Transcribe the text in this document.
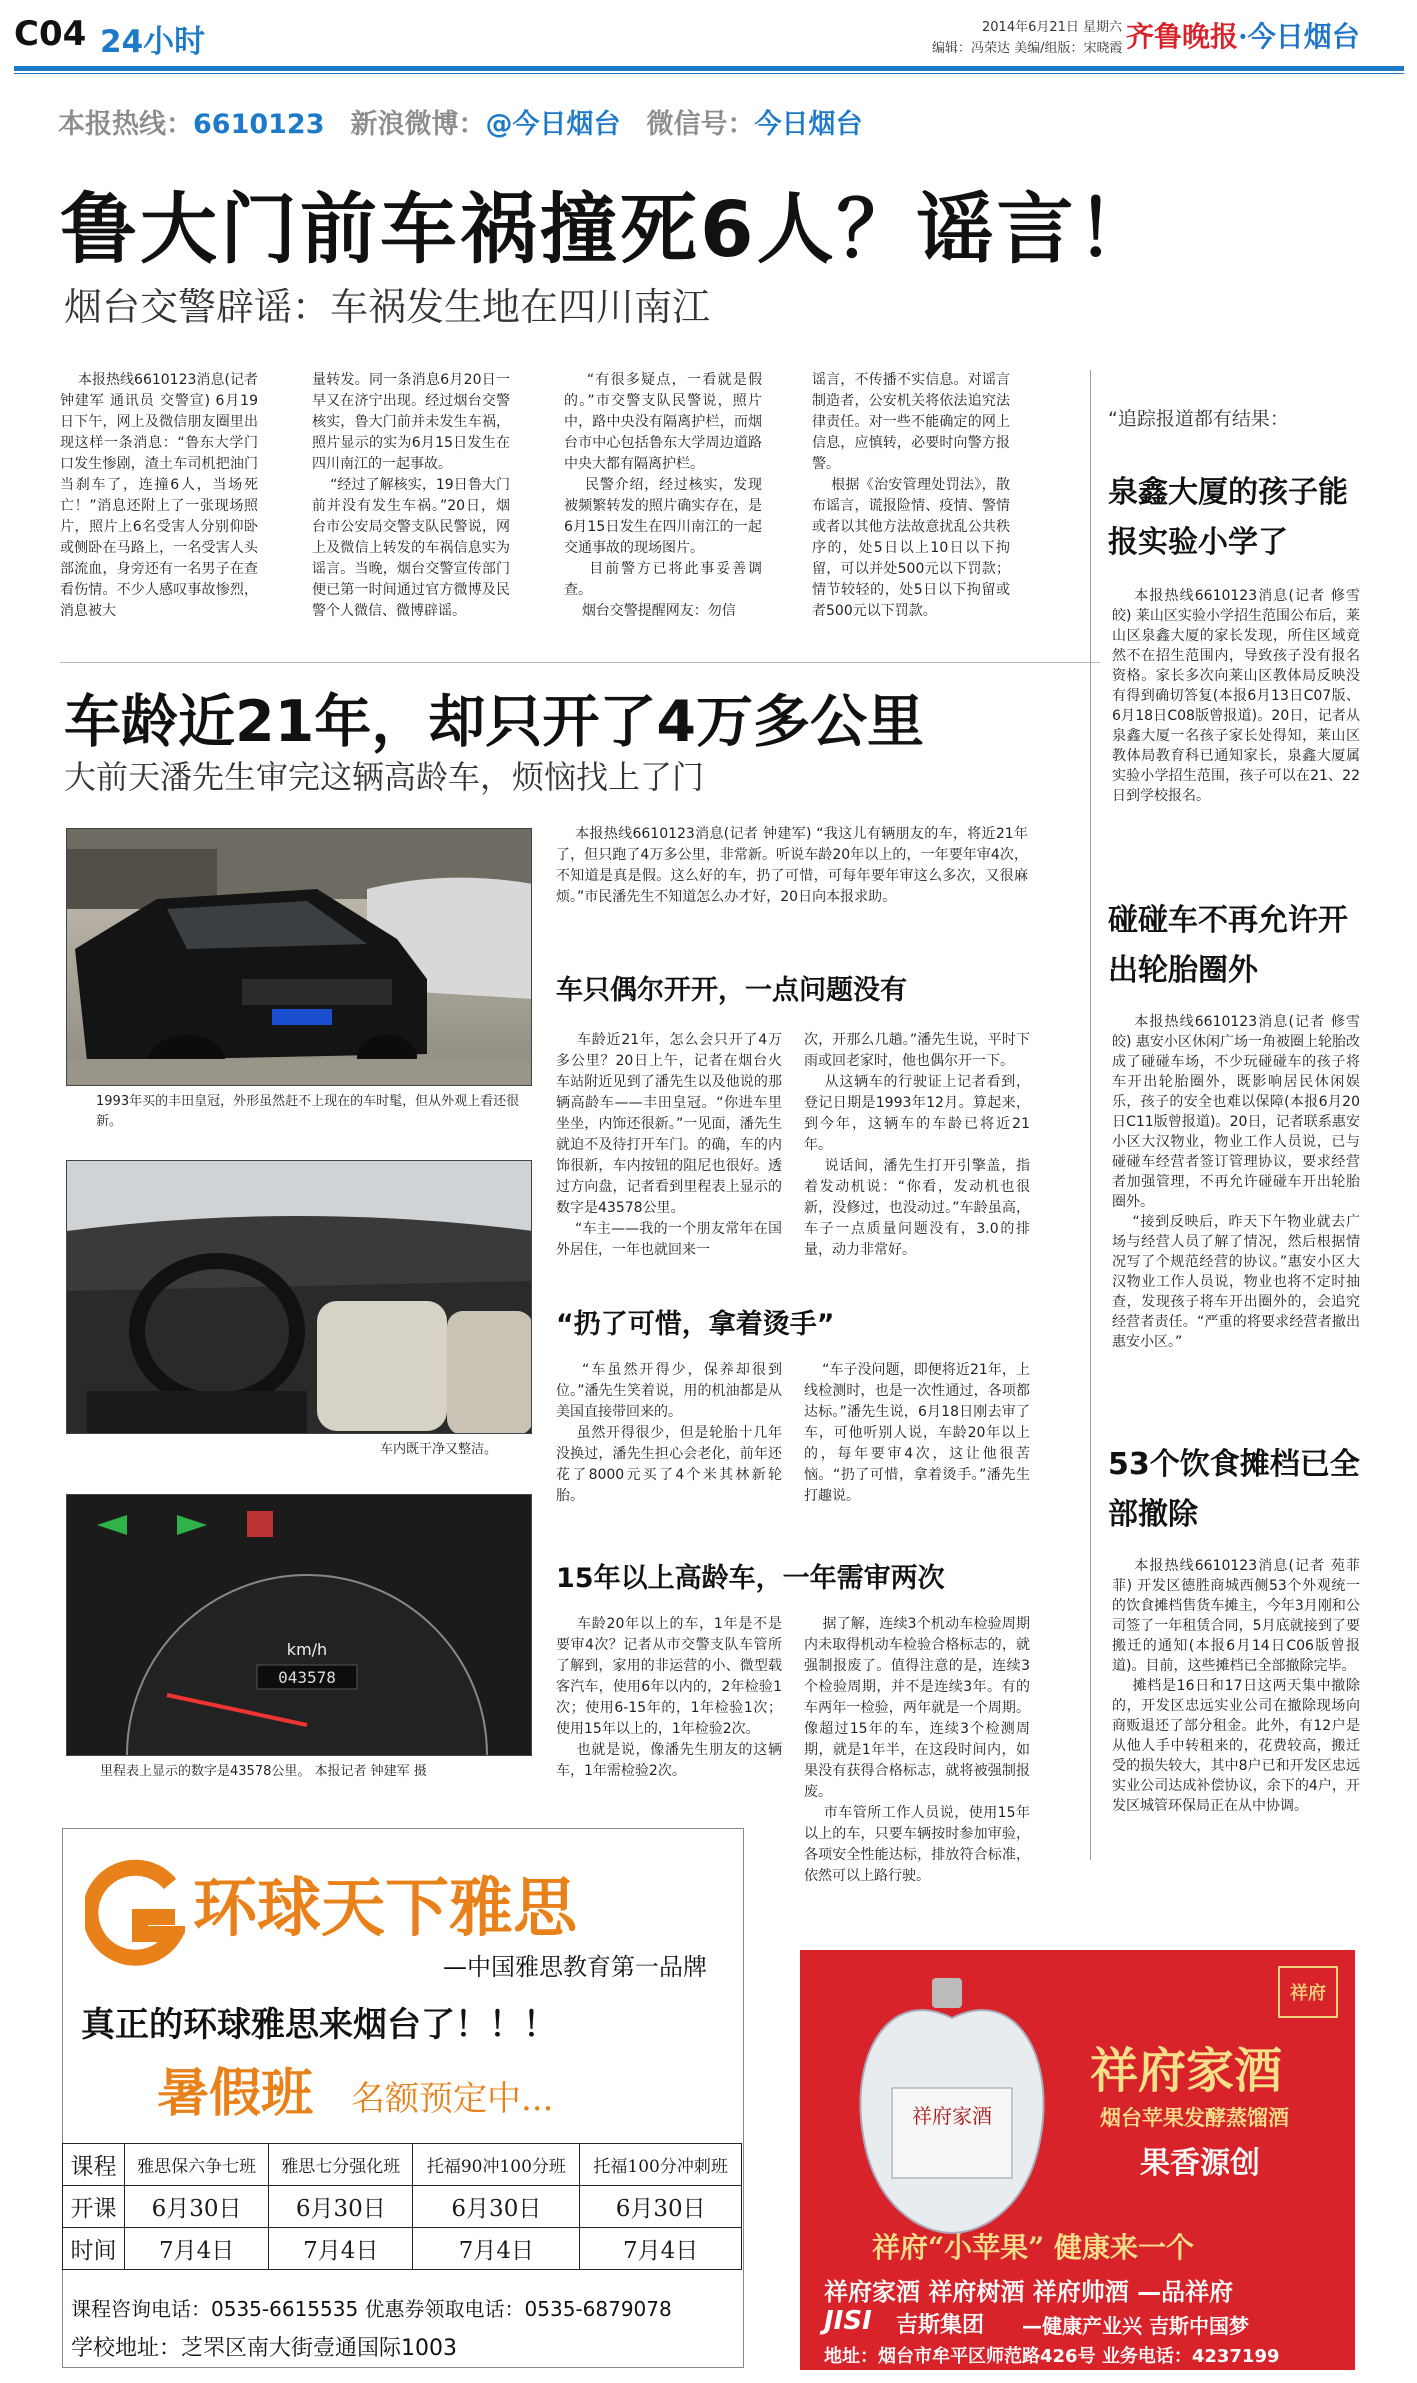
C04 24小时	2014年6月21日 星期六
编辑：冯荣达 美编/组版：宋晓霞 齐鲁晚报·今日烟台
本报热线：6610123 新浪微博：@今日烟台 微信号：今日烟台
鲁大门前车祸撞死6人？谣言！
烟台交警辟谣：车祸发生地在四川南江
本报热线6610123消息(记者 钟建军 通讯员 交警宣) 6月19日下午，网上及微信朋友圈里出现这样一条消息：“鲁东大学门口发生惨剧，渣土车司机把油门当刹车了，连撞6人，当场死亡！”消息还附上了一张现场照片，照片上6名受害人分别仰卧或侧卧在马路上，一名受害人头部流血，身旁还有一名男子在查看伤情。不少人感叹事故惨烈，消息被大
量转发。同一条消息6月20日一早又在济宁出现。经过烟台交警核实，鲁大门前并未发生车祸，照片显示的实为6月15日发生在四川南江的一起事故。
“经过了解核实，19日鲁大门前并没有发生车祸。”20日，烟台市公安局交警支队民警说，网上及微信上转发的车祸信息实为谣言。当晚，烟台交警宣传部门便已第一时间通过官方微博及民警个人微信、微博辟谣。
“有很多疑点，一看就是假的。”市交警支队民警说，照片中，路中央没有隔离护栏，而烟台市中心包括鲁东大学周边道路中央大都有隔离护栏。
民警介绍，经过核实，发现被频繁转发的照片确实存在，是6月15日发生在四川南江的一起交通事故的现场图片。
目前警方已将此事妥善调查。
烟台交警提醒网友：勿信
谣言，不传播不实信息。对谣言制造者，公安机关将依法追究法律责任。对一些不能确定的网上信息，应慎转，必要时向警方报警。
根据《治安管理处罚法》，散布谣言，谎报险情、疫情、警情或者以其他方法故意扰乱公共秩序的，处5日以上10日以下拘留，可以并处500元以下罚款；情节较轻的，处5日以下拘留或者500元以下罚款。
车龄近21年，却只开了4万多公里
大前天潘先生审完这辆高龄车，烦恼找上了门
1993年买的丰田皇冠，外形虽然赶不上现在的车时髦，但从外观上看还很新。
车内既干净又整洁。
km/h
043578
里程表上显示的数字是43578公里。 本报记者 钟建军 摄
本报热线6610123消息(记者 钟建军) “我这儿有辆朋友的车，将近21年了，但只跑了4万多公里，非常新。听说车龄20年以上的，一年要年审4次，不知道是真是假。这么好的车，扔了可惜，可每年要年审这么多次，又很麻烦。”市民潘先生不知道怎么办才好，20日向本报求助。
车只偶尔开开，一点问题没有
车龄近21年，怎么会只开了4万多公里？20日上午，记者在烟台火车站附近见到了潘先生以及他说的那辆高龄车——丰田皇冠。“你进车里坐坐，内饰还很新。”一见面，潘先生就迫不及待打开车门。的确，车的内饰很新，车内按钮的阻尼也很好。透过方向盘，记者看到里程表上显示的数字是43578公里。
“车主——我的一个朋友常年在国外居住，一年也就回来一
次，开那么几趟。”潘先生说，平时下雨或回老家时，他也偶尔开一下。
从这辆车的行驶证上记者看到，登记日期是1993年12月。算起来，到今年，这辆车的车龄已将近21年。
说话间，潘先生打开引擎盖，指着发动机说：“你看，发动机也很新，没修过，也没动过。”车龄虽高，车子一点质量问题没有，3.0的排量，动力非常好。
“扔了可惜，拿着烫手”
“车虽然开得少，保养却很到位。”潘先生笑着说，用的机油都是从美国直接带回来的。
虽然开得很少，但是轮胎十几年没换过，潘先生担心会老化，前年还花了8000元买了4个米其林新轮胎。
“车子没问题，即便将近21年，上线检测时，也是一次性通过，各项都达标。”潘先生说，6月18日刚去审了车，可他听别人说，车龄20年以上的，每年要审4次，这让他很苦恼。“扔了可惜，拿着烫手。”潘先生打趣说。
15年以上高龄车，一年需审两次
车龄20年以上的车，1年是不是要审4次？记者从市交警支队车管所了解到，家用的非运营的小、微型载客汽车，使用6年以内的，2年检验1次；使用6-15年的，1年检验1次；使用15年以上的，1年检验2次。
也就是说，像潘先生朋友的这辆车，1年需检验2次。
据了解，连续3个机动车检验周期内未取得机动车检验合格标志的，就强制报废了。值得注意的是，连续3个检验周期，并不是连续3年。有的车两年一检验，两年就是一个周期。像超过15年的车，连续3个检测周期，就是1年半，在这段时间内，如果没有获得合格标志，就将被强制报废。
市车管所工作人员说，使用15年以上的车，只要车辆按时参加审验，各项安全性能达标，排放符合标准，依然可以上路行驶。
“追踪报道都有结果：
泉鑫大厦的孩子能报实验小学了
本报热线6610123消息(记者 修雪皎) 莱山区实验小学招生范围公布后，莱山区泉鑫大厦的家长发现，所住区域竟然不在招生范围内，导致孩子没有报名资格。家长多次向莱山区教体局反映没有得到确切答复(本报6月13日C07版、6月18日C08版曾报道)。20日，记者从泉鑫大厦一名孩子家长处得知，莱山区教体局教育科已通知家长，泉鑫大厦属实验小学招生范围，孩子可以在21、22日到学校报名。
碰碰车不再允许开出轮胎圈外
本报热线6610123消息(记者 修雪皎) 惠安小区休闲广场一角被圈上轮胎改成了碰碰车场，不少玩碰碰车的孩子将车开出轮胎圈外，既影响居民休闲娱乐，孩子的安全也难以保障(本报6月20日C11版曾报道)。20日，记者联系惠安小区大汉物业，物业工作人员说，已与碰碰车经营者签订管理协议，要求经营者加强管理，不再允许碰碰车开出轮胎圈外。
“接到反映后，昨天下午物业就去广场与经营人员了解了情况，然后根据情况写了个规范经营的协议。”惠安小区大汉物业工作人员说，物业也将不定时抽查，发现孩子将车开出圈外的，会追究经营者责任。“严重的将要求经营者撤出惠安小区。”
53个饮食摊档已全部撤除
本报热线6610123消息(记者 苑菲菲) 开发区德胜商城西侧53个外观统一的饮食摊档售货车摊主，今年3月刚和公司签了一年租赁合同，5月底就接到了要搬迁的通知(本报6月14日C06版曾报道)。目前，这些摊档已全部撤除完毕。
摊档是16日和17日这两天集中撤除的，开发区忠远实业公司在撤除现场向商贩退还了部分租金。此外，有12户是从他人手中转租来的，花费较高，搬迁受的损失较大，其中8户已和开发区忠远实业公司达成补偿协议，余下的4户，开发区城管环保局正在从中协调。
环球天下雅思
—中国雅思教育第一品牌
真正的环球雅思来烟台了！！！
暑假班 名额预定中...
课程	雅思保六争七班	雅思七分强化班	托福90冲100分班	托福100分冲刺班
开课	6月30日	6月30日	6月30日	6月30日
时间	7月4日	7月4日	7月4日	7月4日
课程咨询电话：0535-6615535 优惠券领取电话：0535-6879078
学校地址：芝罘区南大街壹通国际1003
祥府
祥府家酒
祥府家酒
烟台苹果发酵蒸馏酒
果香源创
祥府“小苹果” 健康来一个
祥府家酒 祥府树酒 祥府帅酒 —品祥府
JISI 吉斯集团 —健康产业兴 吉斯中国梦
地址：烟台市牟平区师范路426号 业务电话：4237199
